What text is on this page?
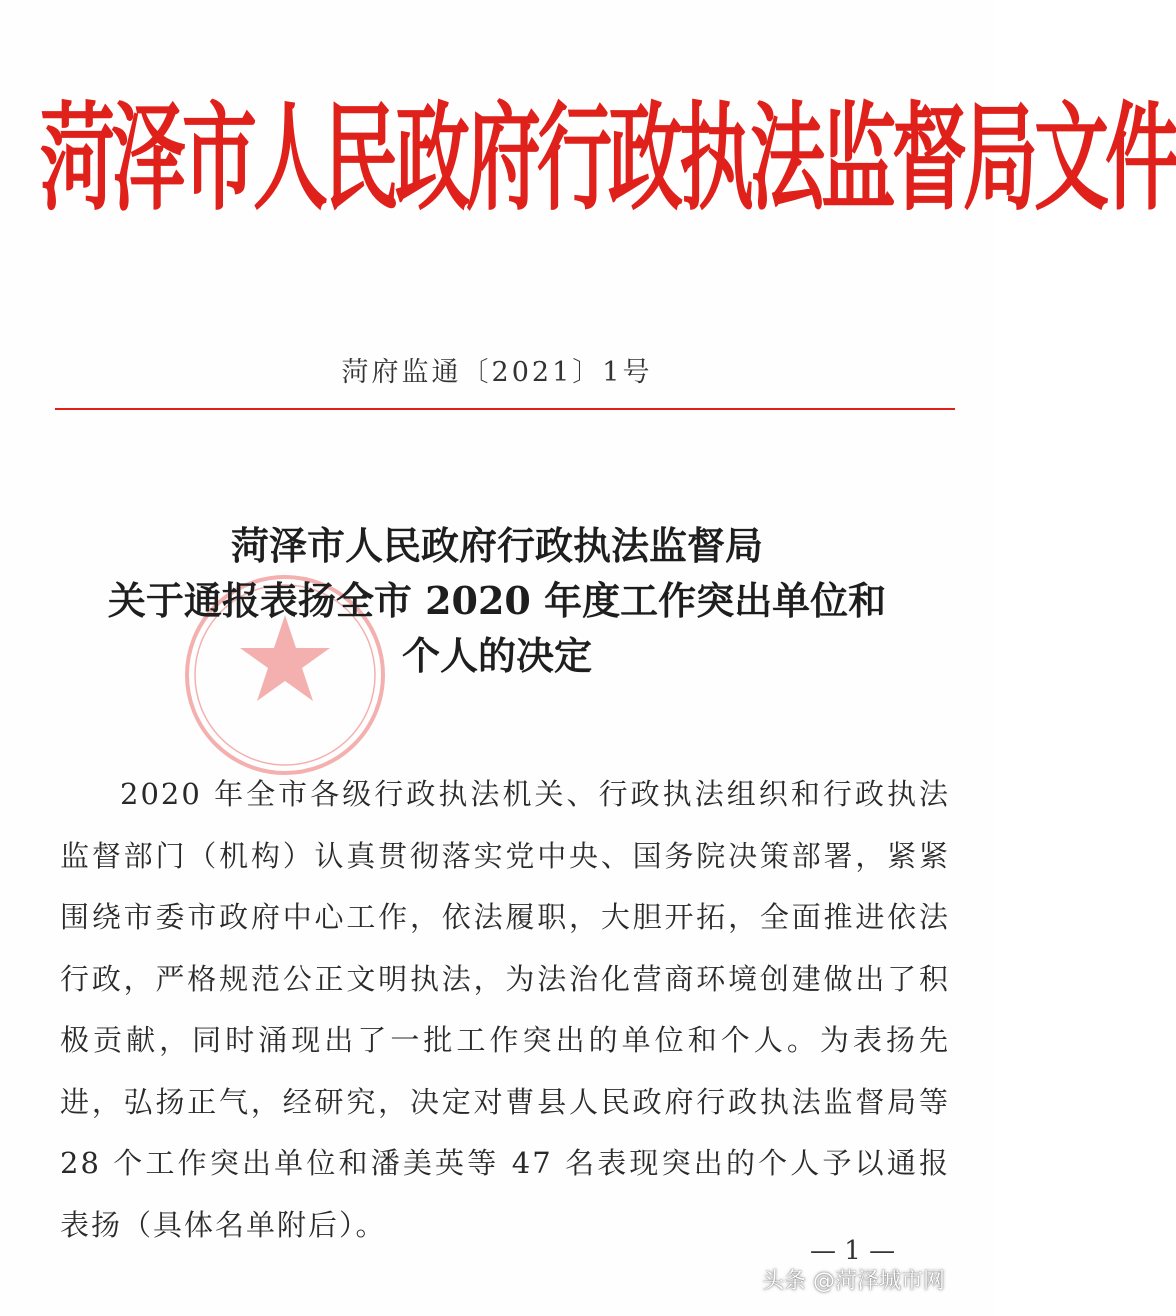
菏泽市人民政府行政执法监督局文件
菏府监通〔2021〕1号
菏泽市人民政府行政执法监督局
关于通报表扬全市 2020 年度工作突出单位和
个人的决定
2020 年全市各级行政执法机关、行政执法组织和行政执法监督部门（机构）认真贯彻落实党中央、国务院决策部署，紧紧围绕市委市政府中心工作，依法履职，大胆开拓，全面推进依法行政，严格规范公正文明执法，为法治化营商环境创建做出了积极贡献，同时涌现出了一批工作突出的单位和个人。为表扬先进，弘扬正气，经研究，决定对曹县人民政府行政执法监督局等 28 个工作突出单位和潘美英等 47 名表现突出的个人予以通报表扬（具体名单附后）。
— 1 —
头条 @菏泽城市网
